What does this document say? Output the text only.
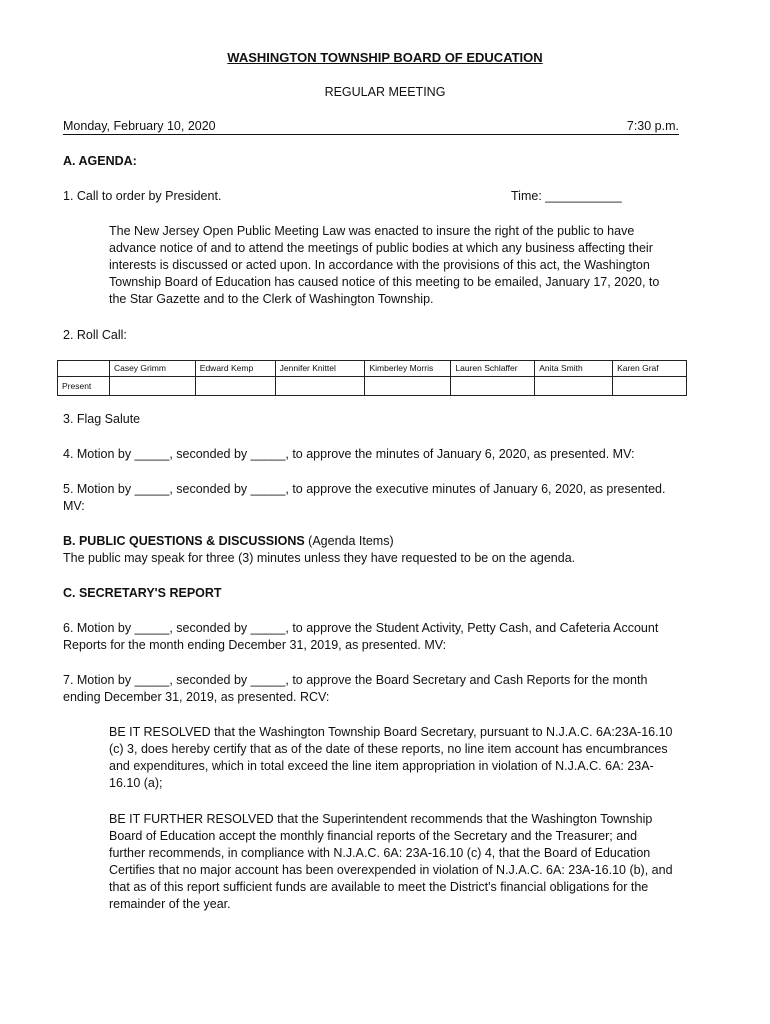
WASHINGTON TOWNSHIP BOARD OF EDUCATION
REGULAR MEETING
Monday, February 10, 2020	7:30 p.m.
A. AGENDA:
1. Call to order by President.	Time: ___________
The New Jersey Open Public Meeting Law was enacted to insure the right of the public to have
advance notice of and to attend the meetings of public bodies at which any business affecting their
interests is discussed or acted upon. In accordance with the provisions of this act, the Washington
Township Board of Education has caused notice of this meeting to be emailed, January 17, 2020, to
the Star Gazette and to the Clerk of Washington Township.
2. Roll Call:
	Casey Grimm	Edward Kemp	Jennifer Knittel	Kimberley Morris	Lauren Schlaffer	Anita Smith	Karen Graf
Present							
3. Flag Salute
4. Motion by _____, seconded by _____, to approve the minutes of January 6, 2020, as presented. MV:
5. Motion by _____, seconded by _____, to approve the executive minutes of January 6, 2020, as presented.
MV:
B. PUBLIC QUESTIONS & DISCUSSIONS (Agenda Items)
The public may speak for three (3) minutes unless they have requested to be on the agenda.
C. SECRETARY'S REPORT
6. Motion by _____, seconded by _____, to approve the Student Activity, Petty Cash, and Cafeteria Account
Reports for the month ending December 31, 2019, as presented. MV:
7. Motion by _____, seconded by _____, to approve the Board Secretary and Cash Reports for the month
ending December 31, 2019, as presented. RCV:
BE IT RESOLVED that the Washington Township Board Secretary, pursuant to N.J.A.C. 6A:23A-16.10
(c) 3, does hereby certify that as of the date of these reports, no line item account has encumbrances
and expenditures, which in total exceed the line item appropriation in violation of N.J.A.C. 6A: 23A-
16.10 (a);
BE IT FURTHER RESOLVED that the Superintendent recommends that the Washington Township
Board of Education accept the monthly financial reports of the Secretary and the Treasurer; and
further recommends, in compliance with N.J.A.C. 6A: 23A-16.10 (c) 4, that the Board of Education
Certifies that no major account has been overexpended in violation of N.J.A.C. 6A: 23A-16.10 (b), and
that as of this report sufficient funds are available to meet the District's financial obligations for the
remainder of the year.
